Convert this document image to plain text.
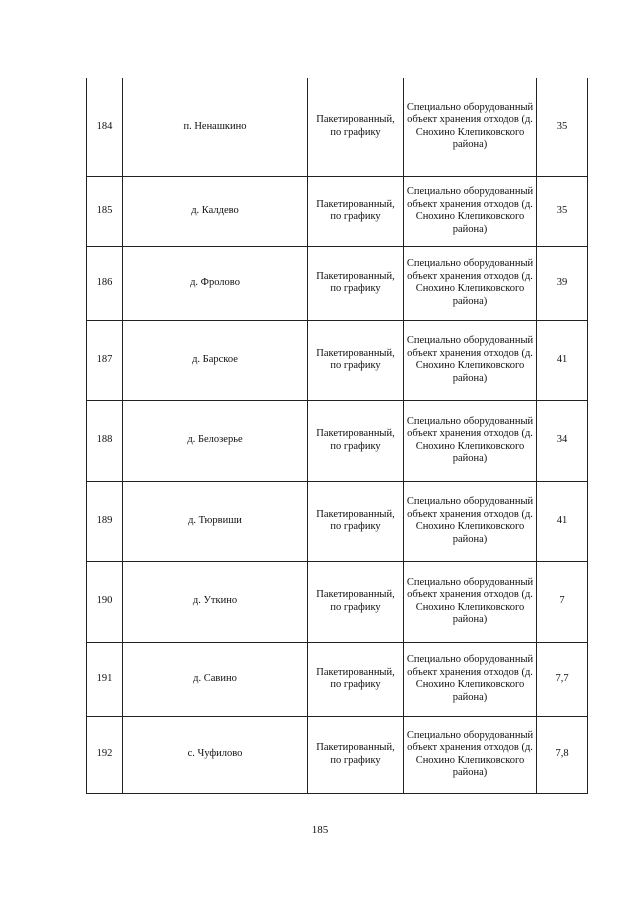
184	п. Ненашкино	Пакетированный, по графику	Специально оборудованный объект хранения отходов (д. Снохино Клепиковского района)	35
185	д. Калдево	Пакетированный, по графику	Специально оборудованный объект хранения отходов (д. Снохино Клепиковского района)	35
186	д. Фролово	Пакетированный, по графику	Специально оборудованный объект хранения отходов (д. Снохино Клепиковского района)	39
187	д. Барское	Пакетированный, по графику	Специально оборудованный объект хранения отходов (д. Снохино Клепиковского района)	41
188	д. Белозерье	Пакетированный, по графику	Специально оборудованный объект хранения отходов (д. Снохино Клепиковского района)	34
189	д. Тюрвиши	Пакетированный, по графику	Специально оборудованный объект хранения отходов (д. Снохино Клепиковского района)	41
190	д. Уткино	Пакетированный, по графику	Специально оборудованный объект хранения отходов (д. Снохино Клепиковского района)	7
191	д. Савино	Пакетированный, по графику	Специально оборудованный объект хранения отходов (д. Снохино Клепиковского района)	7,7
192	с. Чуфилово	Пакетированный, по графику	Специально оборудованный объект хранения отходов (д. Снохино Клепиковского района)	7,8
185
